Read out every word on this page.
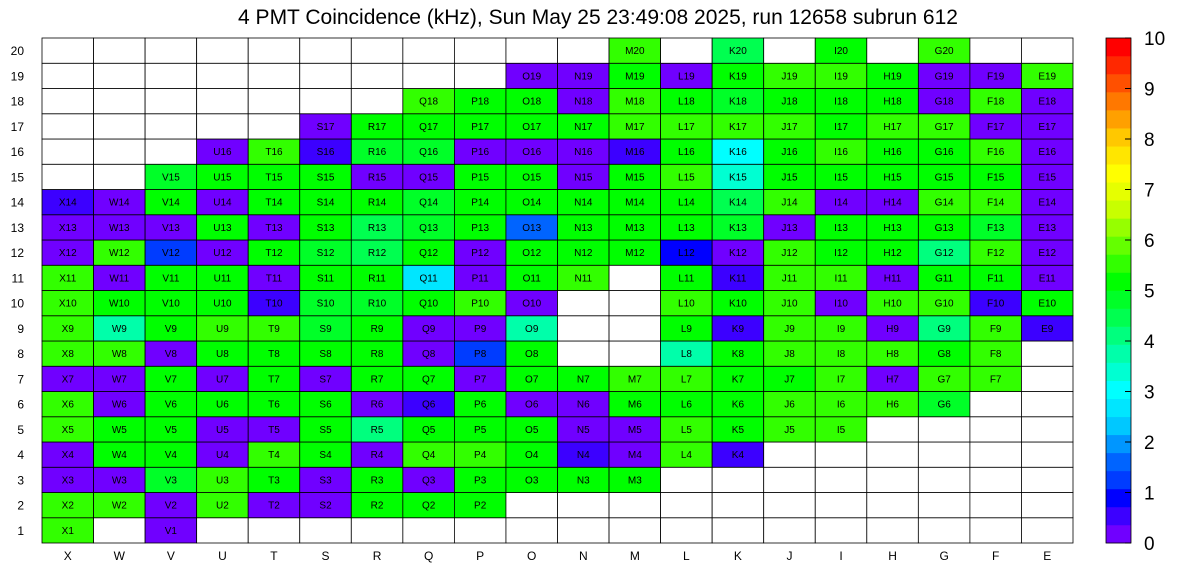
4 PMT Coincidence (kHz), Sun May 25 23:49:08 2025, run 12658 subrun 612
X1	V1
X2	W2	V2	U2	T2	S2	R2	Q2	P2
X3	W3	V3	U3	T3	S3	R3	Q3	P3	O3	N3	M3
X4	W4	V4	U4	T4	S4	R4	Q4	P4	O4	N4	M4	L4	K4
X5	W5	V5	U5	T5	S5	R5	Q5	P5	O5	N5	M5	L5	K5	J5	I5
X6	W6	V6	U6	T6	S6	R6	Q6	P6	O6	N6	M6	L6	K6	J6	I6	H6	G6
X7	W7	V7	U7	T7	S7	R7	Q7	P7	O7	N7	M7	L7	K7	J7	I7	H7	G7	F7
X8	W8	V8	U8	T8	S8	R8	Q8	P8	O8	L8	K8	J8	I8	H8	G8	F8
X9	W9	V9	U9	T9	S9	R9	Q9	P9	O9	L9	K9	J9	I9	H9	G9	F9	E9
X10	W10	V10	U10	T10	S10	R10	Q10	P10	O10	L10	K10	J10	I10	H10	G10	F10	E10
X11	W11	V11	U11	T11	S11	R11	Q11	P11	O11	N11	L11	K11	J11	I11	H11	G11	F11	E11
X12	W12	V12	U12	T12	S12	R12	Q12	P12	O12	N12	M12	L12	K12	J12	I12	H12	G12	F12	E12
X13	W13	V13	U13	T13	S13	R13	Q13	P13	O13	N13	M13	L13	K13	J13	I13	H13	G13	F13	E13
X14	W14	V14	U14	T14	S14	R14	Q14	P14	O14	N14	M14	L14	K14	J14	I14	H14	G14	F14	E14
V15	U15	T15	S15	R15	Q15	P15	O15	N15	M15	L15	K15	J15	I15	H15	G15	F15	E15
U16	T16	S16	R16	Q16	P16	O16	N16	M16	L16	K16	J16	I16	H16	G16	F16	E16
S17	R17	Q17	P17	O17	N17	M17	L17	K17	J17	I17	H17	G17	F17	E17
Q18	P18	O18	N18	M18	L18	K18	J18	I18	H18	G18	F18	E18
O19	N19	M19	L19	K19	J19	I19	H19	G19	F19	E19
M20	K20	I20	G20
1
2
3
4
5
6
7
8
9
10
11
12
13
14
15
16
17
18
19
20
X	W	V	U	T	S	R	Q	P	O	N	M	L	K	J	I	H	G	F	E
0
1
2
3
4
5
6
7
8
9
10
